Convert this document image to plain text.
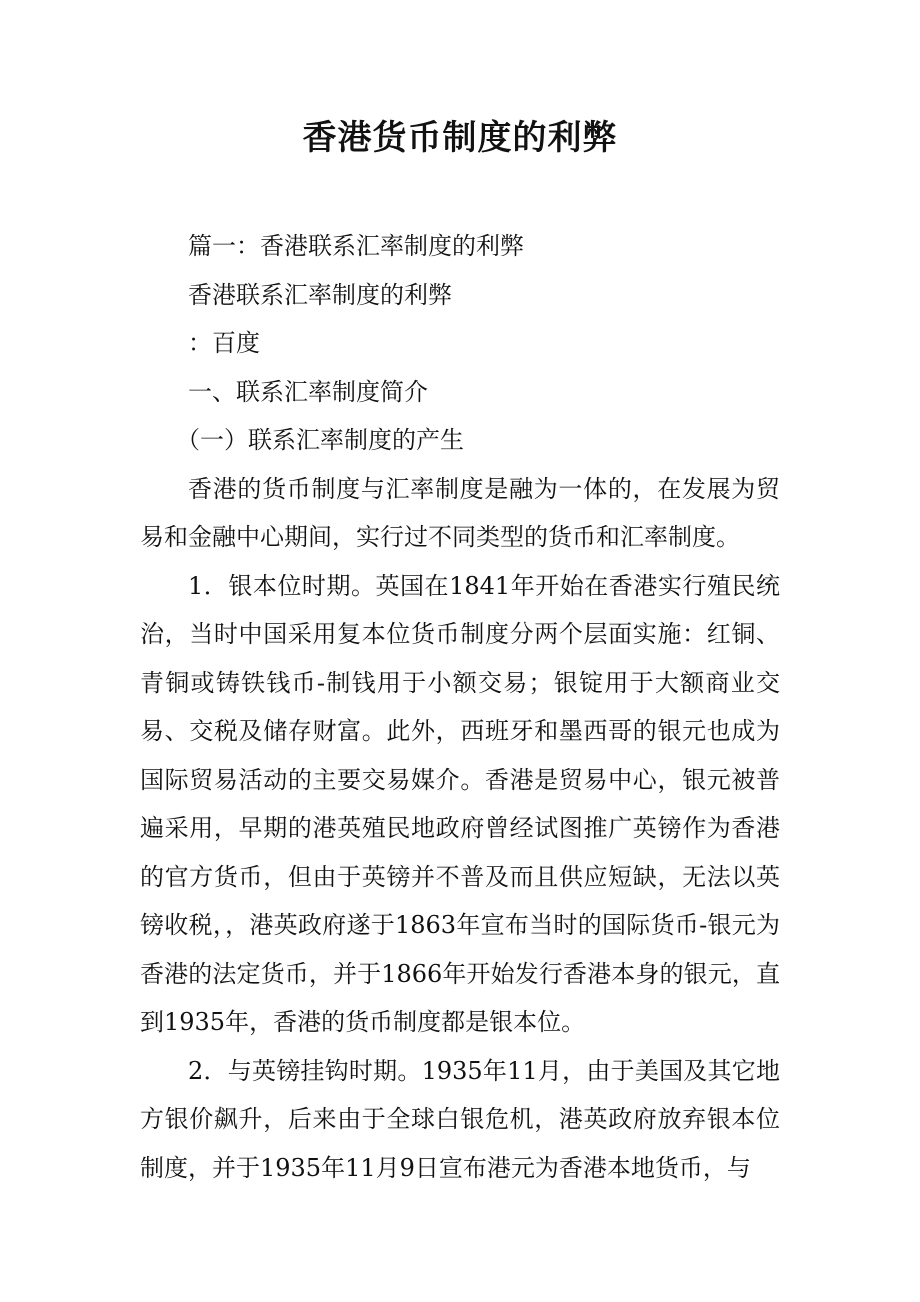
香港货币制度的利弊

篇一：香港联系汇率制度的利弊

香港联系汇率制度的利弊

：百度

一、联系汇率制度简介

（一）联系汇率制度的产生

香港的货币制度与汇率制度是融为一体的，在发展为贸易和金融中心期间，实行过不同类型的货币和汇率制度。

1．银本位时期。英国在1841年开始在香港实行殖民统治，当时中国采用复本位货币制度分两个层面实施：红铜、青铜或铸铁钱币-制钱用于小额交易；银锭用于大额商业交易、交税及储存财富。此外，西班牙和墨西哥的银元也成为国际贸易活动的主要交易媒介。香港是贸易中心，银元被普遍采用，早期的港英殖民地政府曾经试图推广英镑作为香港的官方货币，但由于英镑并不普及而且供应短缺，无法以英镑收税，，港英政府遂于1863年宣布当时的国际货币-银元为香港的法定货币，并于1866年开始发行香港本身的银元，直到1935年，香港的货币制度都是银本位。

2．与英镑挂钩时期。1935年11月，由于美国及其它地方银价飙升，后来由于全球白银危机，港英政府放弃银本位制度，并于1935年11月9日宣布港元为香港本地货币，与
